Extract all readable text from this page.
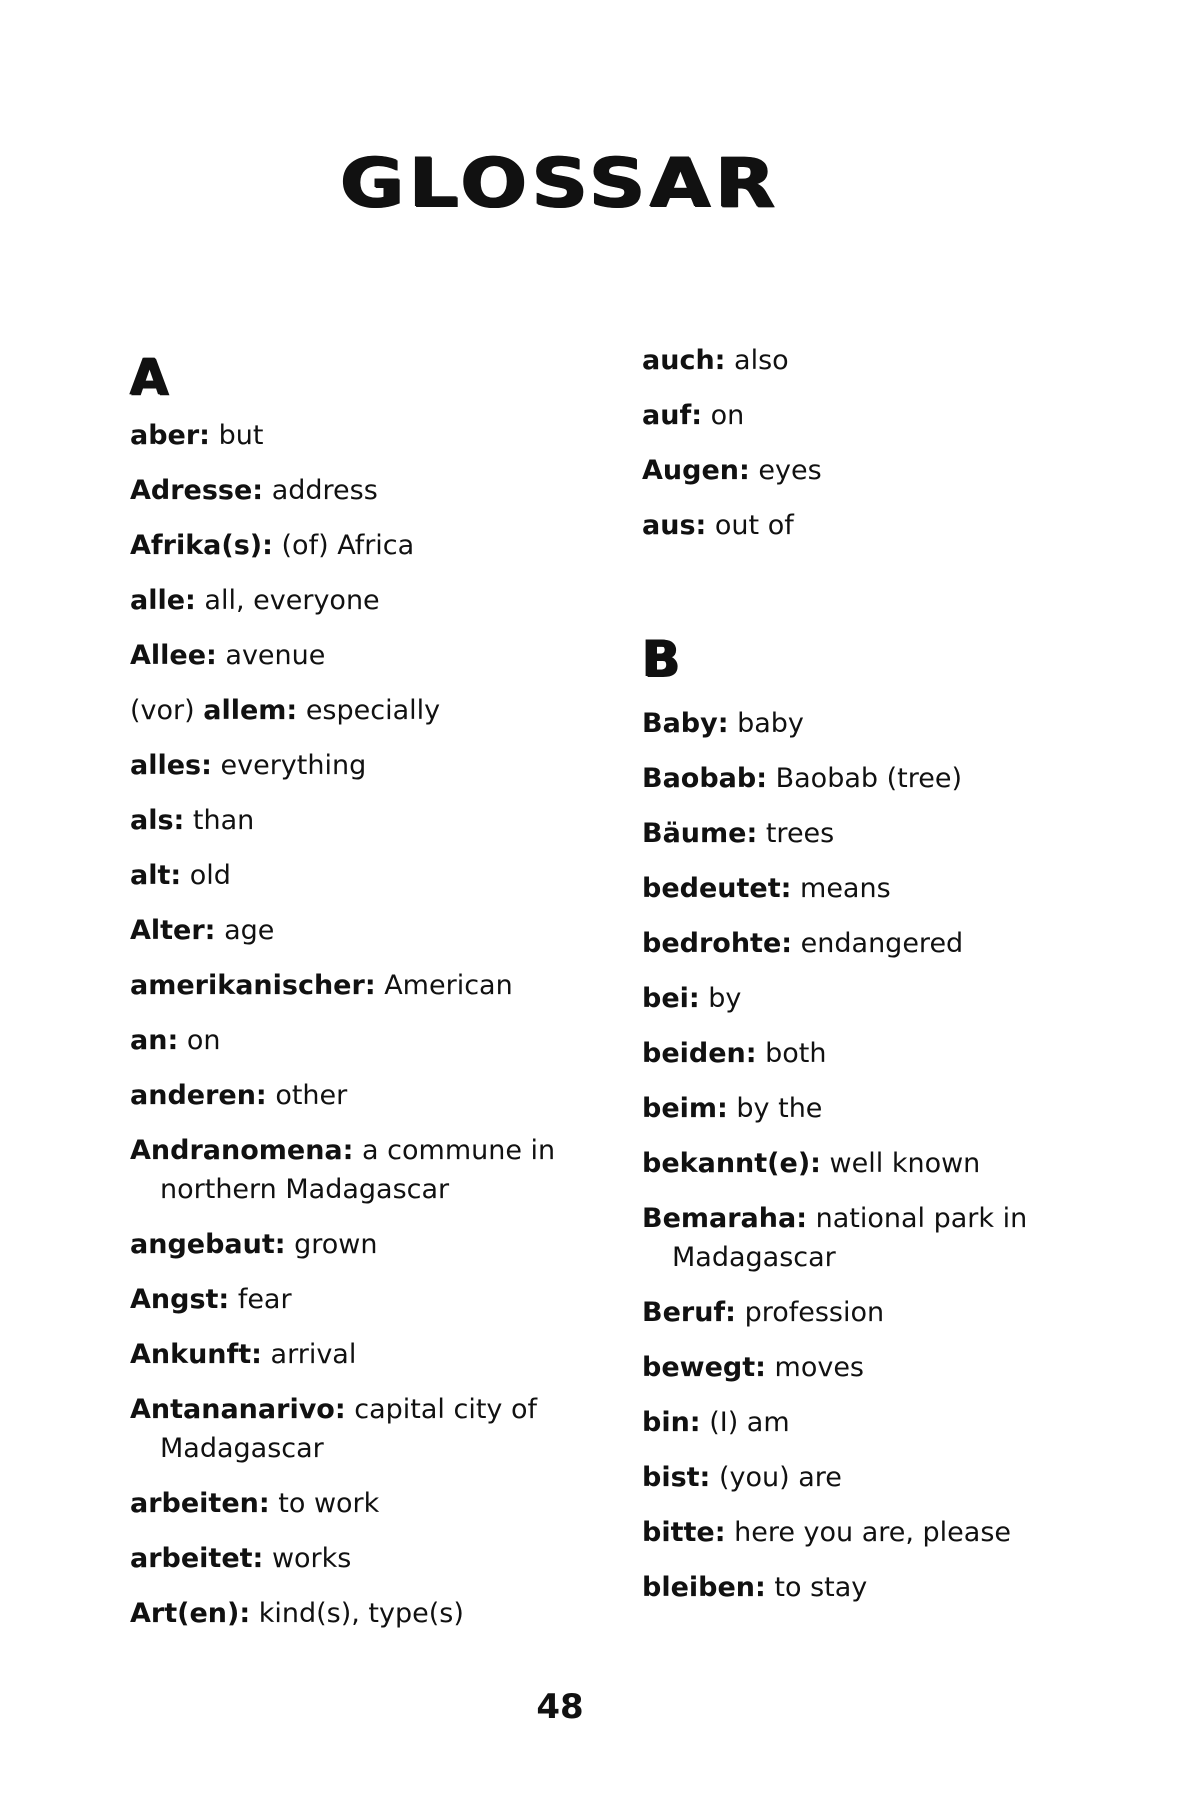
GLOSSAR
A
aber: but
Adresse: address
Afrika(s): (of) Africa
alle: all, everyone
Allee: avenue
(vor) allem: especially
alles: everything
als: than
alt: old
Alter: age
amerikanischer: American
an: on
anderen: other
Andranomena: a commune in northern Madagascar
angebaut: grown
Angst: fear
Ankunft: arrival
Antananarivo: capital city of Madagascar
arbeiten: to work
arbeitet: works
Art(en): kind(s), type(s)
B
auch: also
auf: on
Augen: eyes
aus: out of
Baby: baby
Baobab: Baobab (tree)
Bäume: trees
bedeutet: means
bedrohte: endangered
bei: by
beiden: both
beim: by the
bekannt(e): well known
Bemaraha: national park in Madagascar
Beruf: profession
bewegt: moves
bin: (I) am
bist: (you) are
bitte: here you are, please
bleiben: to stay
48
